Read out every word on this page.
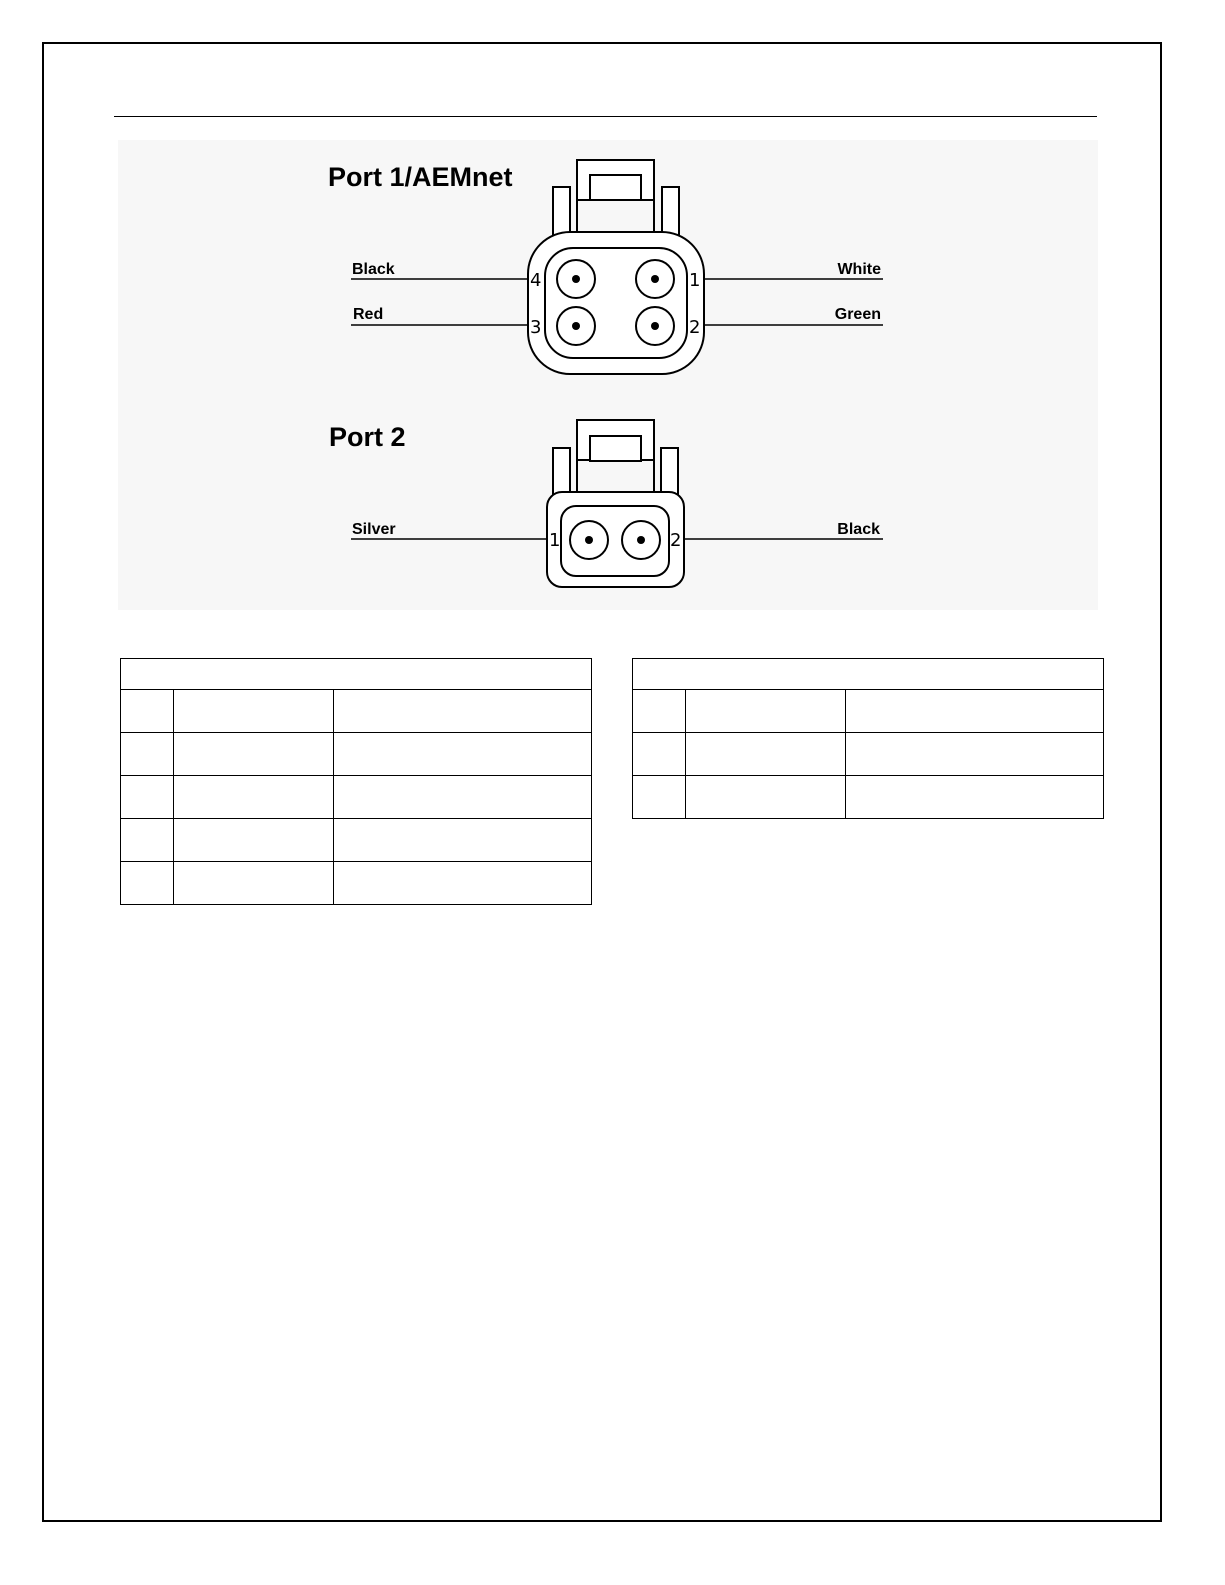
Port 1/AEMnet
Black
Red
White
Green
4
3
1
2
Port 2
Silver	Black
1	2
